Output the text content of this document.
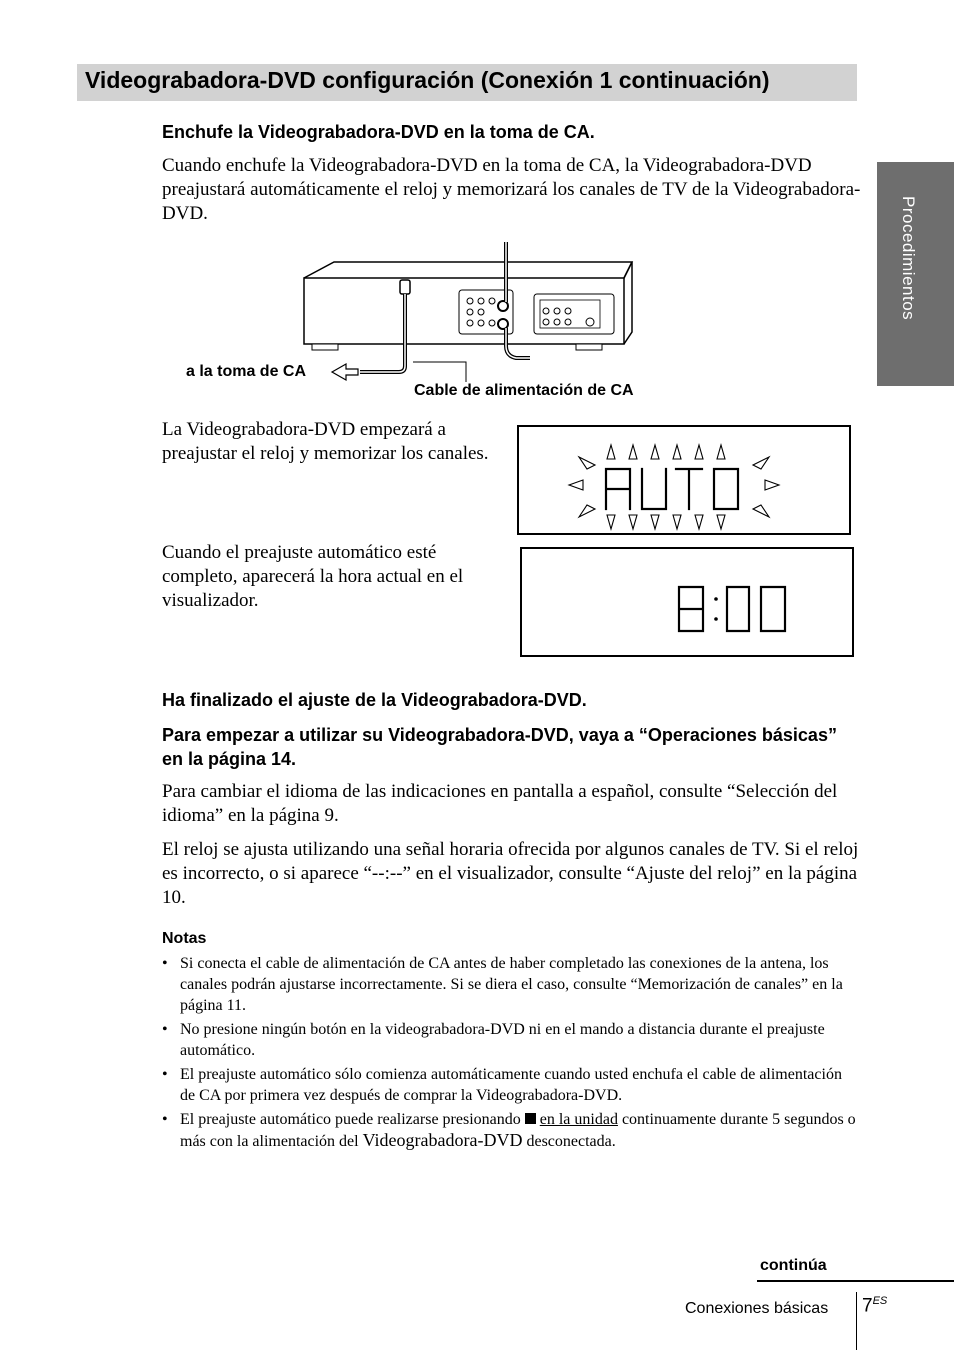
Videograbadora-DVD configuración (Conexión 1 continuación)
Procedimientos

Enchufe la Videograbadora-DVD en la toma de CA.

Cuando enchufe la Videograbadora-DVD en la toma de CA, la Videograbadora-DVD preajustará automáticamente el reloj y memorizará los canales de TV de la Videograbadora-DVD.

a la toma de CA

Cable de alimentación de CA

La Videograbadora-DVD empezará a preajustar el reloj y memorizar los canales.

Cuando el preajuste automático esté completo, aparecerá la hora actual en el visualizador.

Ha finalizado el ajuste de la Videograbadora-DVD.

Para empezar a utilizar su Videograbadora-DVD, vaya a “Operaciones básicas” en la página 14.

Para cambiar el idioma de las indicaciones en pantalla a español, consulte “Selección del idioma” en la página 9.

El reloj se ajusta utilizando una señal horaria ofrecida por algunos canales de TV. Si el reloj es incorrecto, o si aparece “--:--” en el visualizador, consulte “Ajuste del reloj” en la página 10.

Notas

• Si conecta el cable de alimentación de CA antes de haber completado las conexiones de la antena, los canales podrán ajustarse incorrectamente. Si se diera el caso, consulte “Memorización de canales” en la página 11.
• No presione ningún botón en la videograbadora-DVD ni en el mando a distancia durante el preajuste automático.
• El preajuste automático sólo comienza automáticamente cuando usted enchufa el cable de alimentación de CA por primera vez después de comprar la Videograbadora-DVD.
• El preajuste automático puede realizarse presionando en la unidad continuamente durante 5 segundos o más con la alimentación del Videograbadora-DVD desconectada.

continúa

Conexiones básicas $7^{ES}$
